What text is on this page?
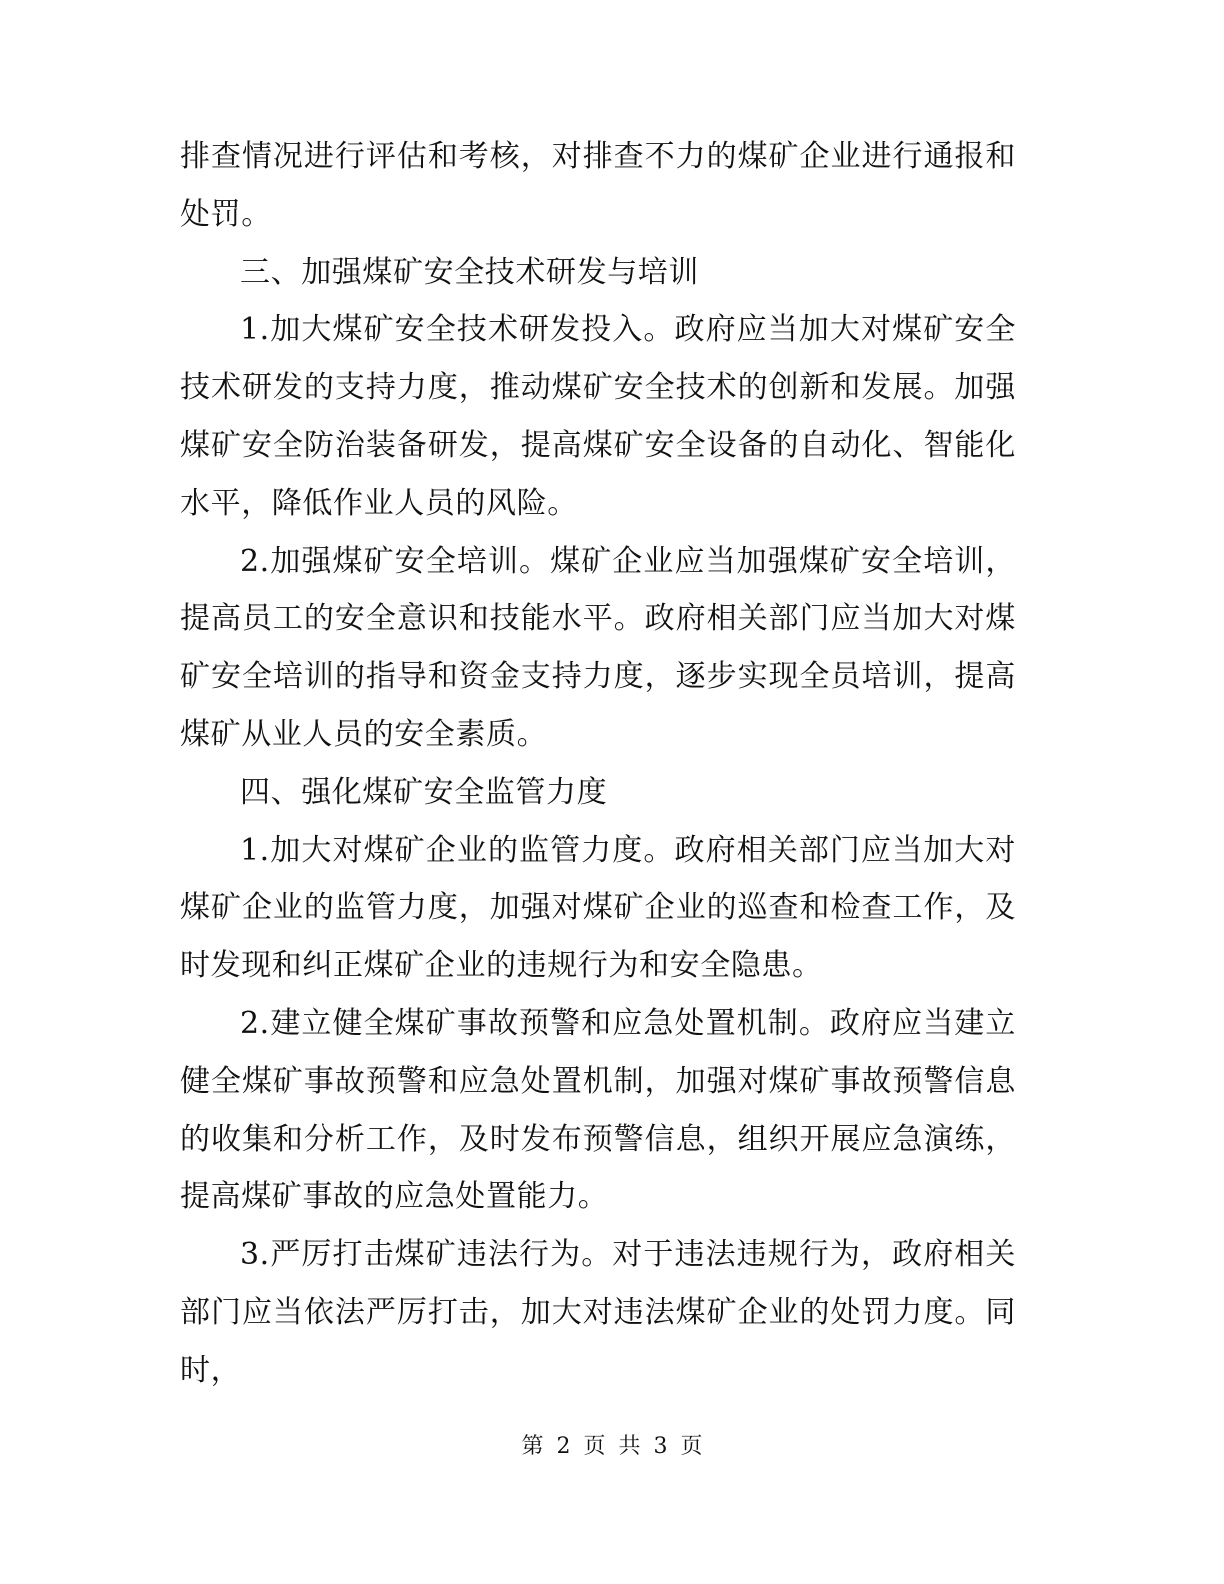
排查情况进行评估和考核，对排查不力的煤矿企业进行通报和处罚。

三、加强煤矿安全技术研发与培训

1.加大煤矿安全技术研发投入。政府应当加大对煤矿安全技术研发的支持力度，推动煤矿安全技术的创新和发展。加强煤矿安全防治装备研发，提高煤矿安全设备的自动化、智能化水平，降低作业人员的风险。

2.加强煤矿安全培训。煤矿企业应当加强煤矿安全培训，提高员工的安全意识和技能水平。政府相关部门应当加大对煤矿安全培训的指导和资金支持力度，逐步实现全员培训，提高煤矿从业人员的安全素质。

四、强化煤矿安全监管力度

1.加大对煤矿企业的监管力度。政府相关部门应当加大对煤矿企业的监管力度，加强对煤矿企业的巡查和检查工作，及时发现和纠正煤矿企业的违规行为和安全隐患。

2.建立健全煤矿事故预警和应急处置机制。政府应当建立健全煤矿事故预警和应急处置机制，加强对煤矿事故预警信息的收集和分析工作，及时发布预警信息，组织开展应急演练，提高煤矿事故的应急处置能力。

3.严厉打击煤矿违法行为。对于违法违规行为，政府相关部门应当依法严厉打击，加大对违法煤矿企业的处罚力度。同时，

第 2 页 共 3 页
